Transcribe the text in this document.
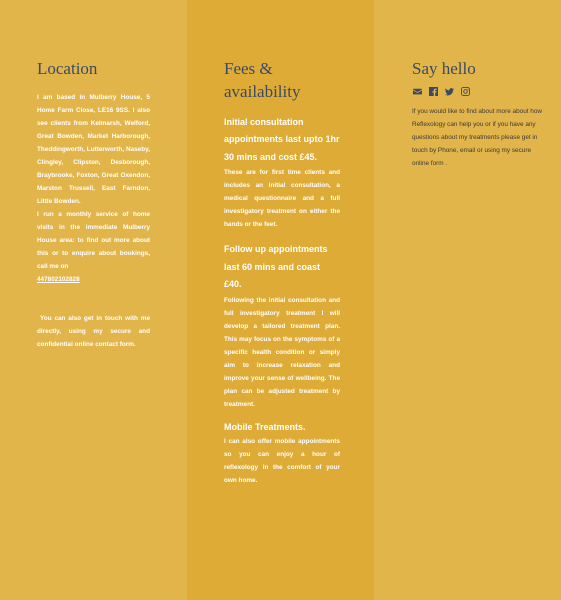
Location

I am based in Mulberry House, 5 Home Farm Close, LE16 9SS. I also see clients from Kelmarsh, Welford, Great Bowden, Market Harborough, Theddingworth, Lutterworth, Naseby, Clingley, Clipston, Desborough, Braybrooke, Foxton, Great Oxendon, Marston Trussell, East Farndon, Little Bowden.

I run a monthly service of home visits in the immediate Mulberry House area: to find out more about this or to enquire about bookings, call me on
447802102828

You can also get in touch with me directly, using my secure and confidential online contact form.

Fees & availability
Initial consultation appointments last upto 1hr 30 mins and cost £45.

These are for first time clients and includes an initial consultation, a medical questionnaire and a full investigatory treatment on either the hands or the feet.

Follow up appointments last 60 mins and coast £40.

Following the initial consultation and full investigatory treatment I will develop a tailored treatment plan. This may focus on the symptoms of a specific health condition or simply aim to increase relaxation and improve your sense of wellbeing. The plan can be adjusted treatment by treatment.

Mobile Treatments.

I can also offer mobile appointments so you can enjoy a hour of reflexology in the comfort of your own home.

Say hello

If you would like to find about more about how Reflexology can help you or if you have any questions about my treatments please get in touch by Phone, email or using my secure online form .
